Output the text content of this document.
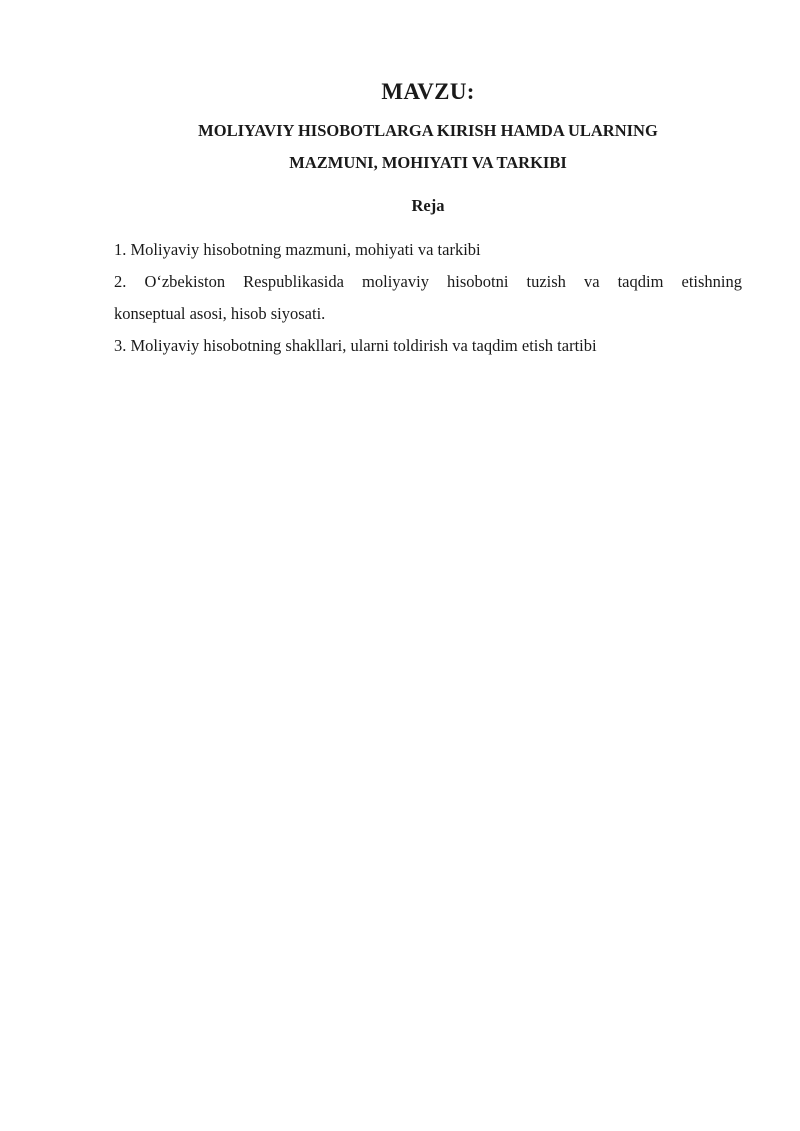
MAVZU:
MOLIYAVIY HISOBOTLARGA KIRISH HAMDA ULARNING
MAZMUNI, MOHIYATI VA TARKIBI
Reja
1. Moliyaviy hisobotning mazmuni, mohiyati va tarkibi
2. O‘zbekiston Respublikasida moliyaviy hisobotni tuzish va taqdim etishning
konseptual asosi, hisob siyosati.
3. Moliyaviy hisobotning shakllari, ularni toldirish va taqdim etish tartibi
